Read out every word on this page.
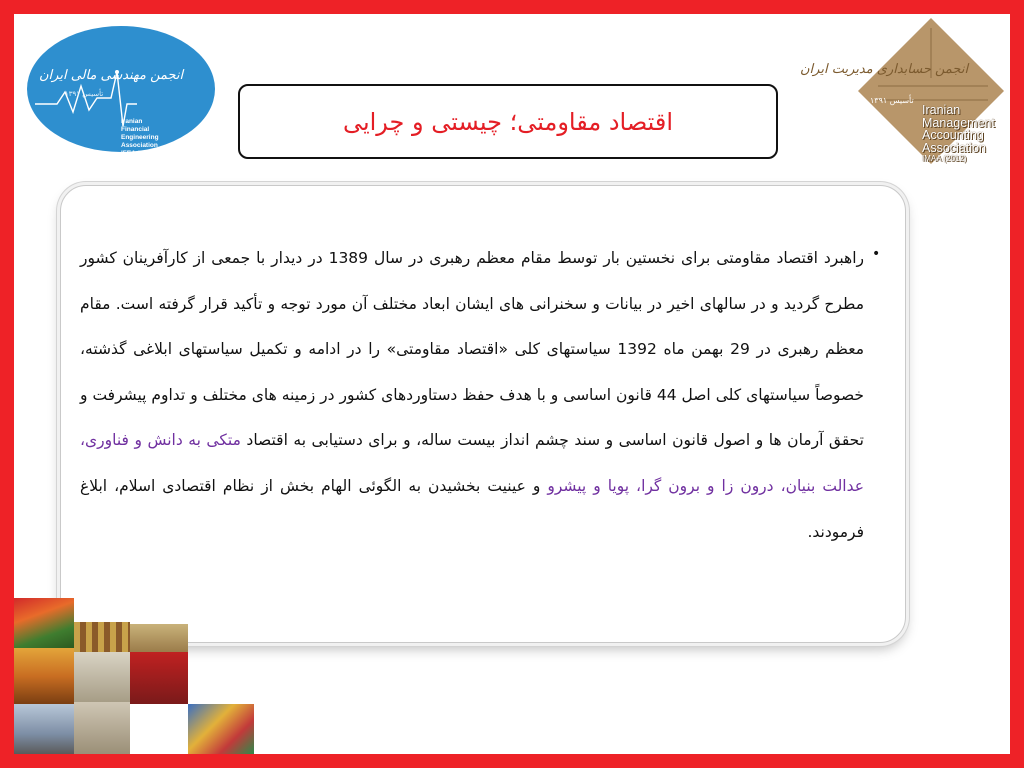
انجمن مهندسی مالی ایران
تأسیس ۱۳۹۱
Iranian
Financial
Engineering
Association
IFEA (2011)
انجمن حسابداری مدیریت ایران
تأسیس ۱۳۹۱
Iranian
Management
Accounting
Association
IMAA (2012)
اقتصاد مقاومتی؛ چیستی و چرایی
•
راهبرد اقتصاد مقاومتی برای نخستین بار توسط مقام معظم رهبری در سال 1389 در دیدار با جمعی از کارآفرینان کشور مطرح گردید و در سالهای اخیر در بیانات و سخنرانی های ایشان ابعاد مختلف آن مورد توجه و تأکید قرار گرفته است. مقام معظم رهبری در 29 بهمن ماه 1392 سیاستهای کلی «اقتصاد مقاومتی» را در ادامه و تکمیل سیاستهای ابلاغی گذشته، خصوصاً سیاستهای کلی اصل 44 قانون اساسی و با هدف حفظ دستاوردهای کشور در زمینه های مختلف و تداوم پیشرفت و تحقق آرمان ها و اصول قانون اساسی و سند چشم انداز بیست ساله، و برای دستیابی به اقتصاد متکی به دانش و فناوری، عدالت بنیان، درون زا و برون گرا، پویا و پیشرو و عینیت بخشیدن به الگوئی الهام بخش از نظام اقتصادی اسلام، ابلاغ فرمودند.
